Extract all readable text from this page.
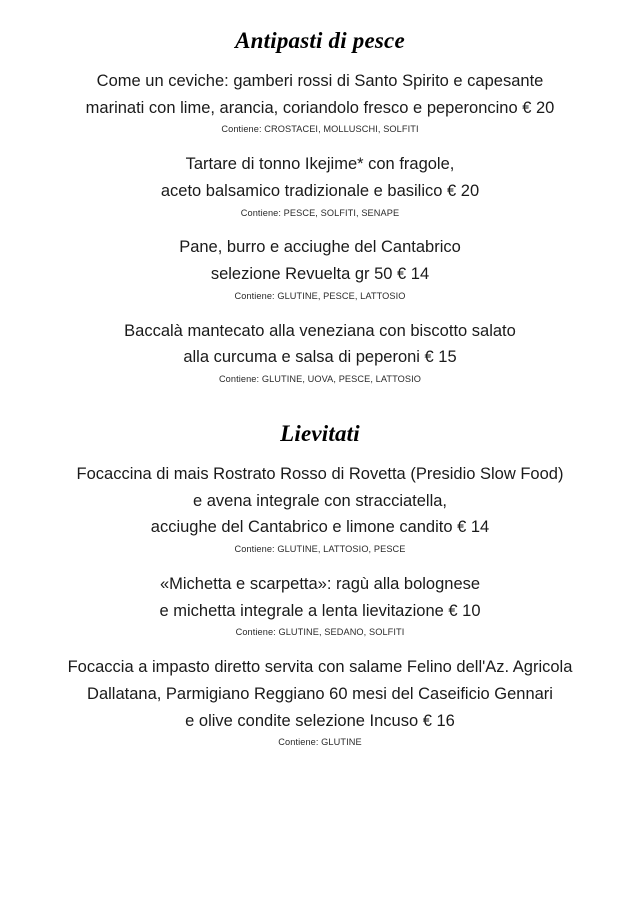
Antipasti di pesce
Come un ceviche: gamberi rossi di Santo Spirito e capesante
marinati con lime, arancia, coriandolo fresco e peperoncino € 20
Contiene: CROSTACEI, MOLLUSCHI, SOLFITI
Tartare di tonno Ikejime* con fragole,
aceto balsamico tradizionale e basilico € 20
Contiene: PESCE, SOLFITI, SENAPE
Pane, burro e acciughe del Cantabrico
selezione Revuelta gr 50 € 14
Contiene: GLUTINE, PESCE, LATTOSIO
Baccalà mantecato alla veneziana con biscotto salato
alla curcuma e salsa di peperoni € 15
Contiene: GLUTINE, UOVA, PESCE, LATTOSIO
Lievitati
Focaccina di mais Rostrato Rosso di Rovetta (Presidio Slow Food)
e avena integrale con stracciatella,
acciughe del Cantabrico e limone candito € 14
Contiene: GLUTINE, LATTOSIO, PESCE
«Michetta e scarpetta»: ragù alla bolognese
e michetta integrale a lenta lievitazione € 10
Contiene: GLUTINE, SEDANO, SOLFITI
Focaccia a impasto diretto servita con salame Felino dell'Az. Agricola
Dallatana, Parmigiano Reggiano 60 mesi del Caseificio Gennari
e olive condite selezione Incuso € 16
Contiene: GLUTINE
